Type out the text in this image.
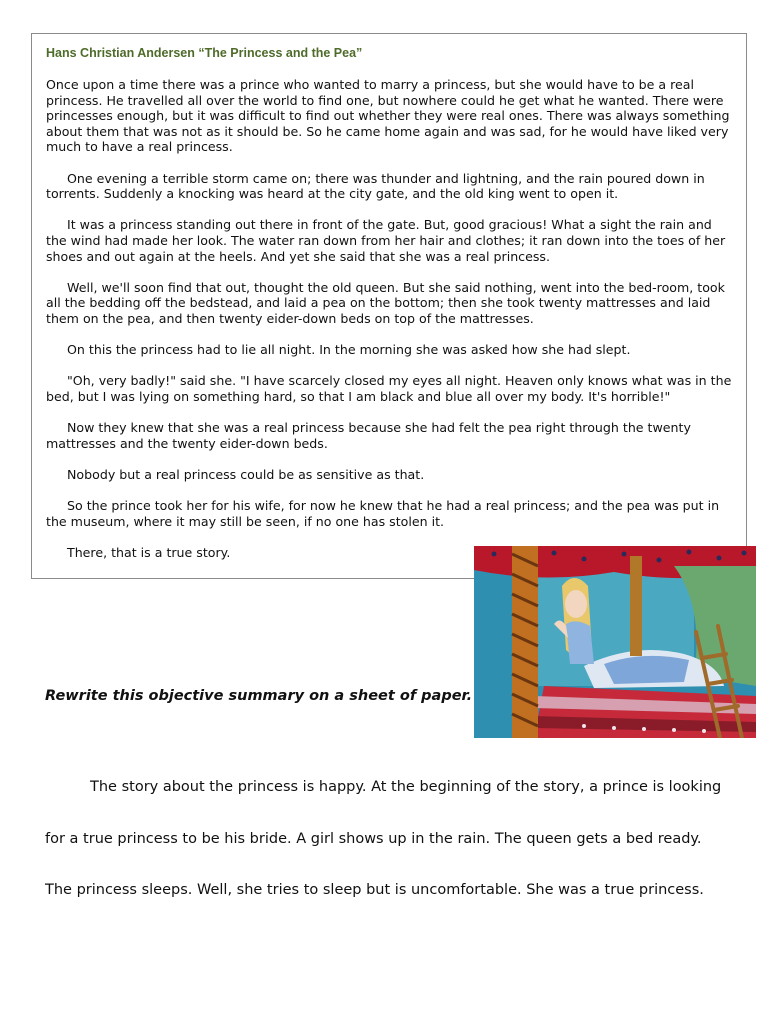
Hans Christian Andersen “The Princess and the Pea”

Once upon a time there was a prince who wanted to marry a princess, but she would have to be a real princess. He travelled all over the world to find one, but nowhere could he get what he wanted. There were princesses enough, but it was difficult to find out whether they were real ones. There was always something about them that was not as it should be. So he came home again and was sad, for he would have liked very much to have a real princess.

One evening a terrible storm came on; there was thunder and lightning, and the rain poured down in torrents. Suddenly a knocking was heard at the city gate, and the old king went to open it.

It was a princess standing out there in front of the gate. But, good gracious! What a sight the rain and the wind had made her look. The water ran down from her hair and clothes; it ran down into the toes of her shoes and out again at the heels. And yet she said that she was a real princess.

Well, we'll soon find that out, thought the old queen. But she said nothing, went into the bed-room, took all the bedding off the bedstead, and laid a pea on the bottom; then she took twenty mattresses and laid them on the pea, and then twenty eider-down beds on top of the mattresses.

On this the princess had to lie all night. In the morning she was asked how she had slept.

"Oh, very badly!" said she. "I have scarcely closed my eyes all night. Heaven only knows what was in the bed, but I was lying on something hard, so that I am black and blue all over my body. It's horrible!"

Now they knew that she was a real princess because she had felt the pea right through the twenty mattresses and the twenty eider-down beds.

Nobody but a real princess could be as sensitive as that.

So the prince took her for his wife, for now he knew that he had a real princess; and the pea was put in the museum, where it may still be seen, if no one has stolen it.

There, that is a true story.

Rewrite this objective summary on a sheet of paper.

The story about the princess is happy. At the beginning of the story, a prince is looking for a true princess to be his bride. A girl shows up in the rain. The queen gets a bed ready. The princess sleeps. Well, she tries to sleep but is uncomfortable. She was a true princess.
